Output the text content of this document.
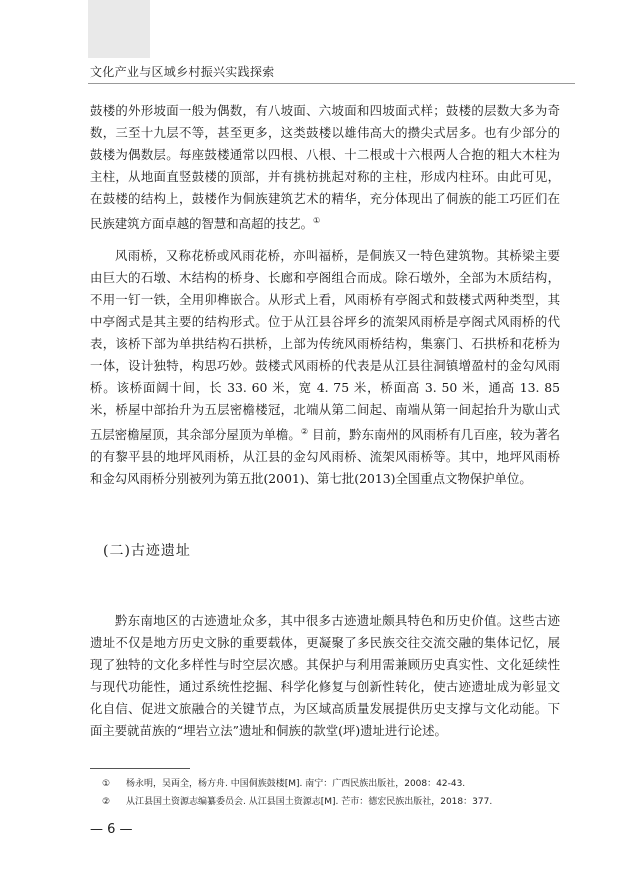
文化产业与区域乡村振兴实践探索

鼓楼的外形坡面一般为偶数，有八坡面、六坡面和四坡面式样；鼓楼的层数大多为奇数，三至十九层不等，甚至更多，这类鼓楼以雄伟高大的攒尖式居多。也有少部分的鼓楼为偶数层。每座鼓楼通常以四根、八根、十二根或十六根两人合抱的粗大木柱为主柱，从地面直竖鼓楼的顶部，并有挑枋挑起对称的主柱，形成内柱环。由此可见，在鼓楼的结构上，鼓楼作为侗族建筑艺术的精华，充分体现出了侗族的能工巧匠们在民族建筑方面卓越的智慧和高超的技艺。①

风雨桥，又称花桥或风雨花桥，亦叫福桥，是侗族又一特色建筑物。其桥梁主要由巨大的石墩、木结构的桥身、长廊和亭阁组合而成。除石墩外，全部为木质结构，不用一钉一铁，全用卯榫嵌合。从形式上看，风雨桥有亭阁式和鼓楼式两种类型，其中亭阁式是其主要的结构形式。位于从江县谷坪乡的流架风雨桥是亭阁式风雨桥的代表，该桥下部为单拱结构石拱桥，上部为传统风雨桥结构，集寨门、石拱桥和花桥为一体，设计独特，构思巧妙。鼓楼式风雨桥的代表是从江县往洞镇增盈村的金勾风雨桥。该桥面阔十间，长 33. 60 米，宽 4. 75 米，桥面高 3. 50 米，通高 13. 85 米，桥屋中部抬升为五层密檐楼冠，北端从第二间起、南端从第一间起抬升为歇山式五层密檐屋顶，其余部分屋顶为单檐。② 目前，黔东南州的风雨桥有几百座，较为著名的有黎平县的地坪风雨桥，从江县的金勾风雨桥、流架风雨桥等。其中，地坪风雨桥和金勾风雨桥分别被列为第五批(2001)、第七批(2013)全国重点文物保护单位。

(二)古迹遗址

黔东南地区的古迹遗址众多，其中很多古迹遗址颇具特色和历史价值。这些古迹遗址不仅是地方历史文脉的重要载体，更凝聚了多民族交往交流交融的集体记忆，展现了独特的文化多样性与时空层次感。其保护与利用需兼顾历史真实性、文化延续性与现代功能性，通过系统性挖掘、科学化修复与创新性转化，使古迹遗址成为彰显文化自信、促进文旅融合的关键节点，为区域高质量发展提供历史支撑与文化动能。下面主要就苗族的“埋岩立法”遗址和侗族的款堂(坪)遗址进行论述。

① 杨永明，吴両全，杨方舟. 中国侗族鼓楼[M]. 南宁：广西民族出版社，2008：42-43.
② 从江县国土资源志编纂委员会. 从江县国土资源志[M]. 芒市：德宏民族出版社，2018：377.
— 6 —
